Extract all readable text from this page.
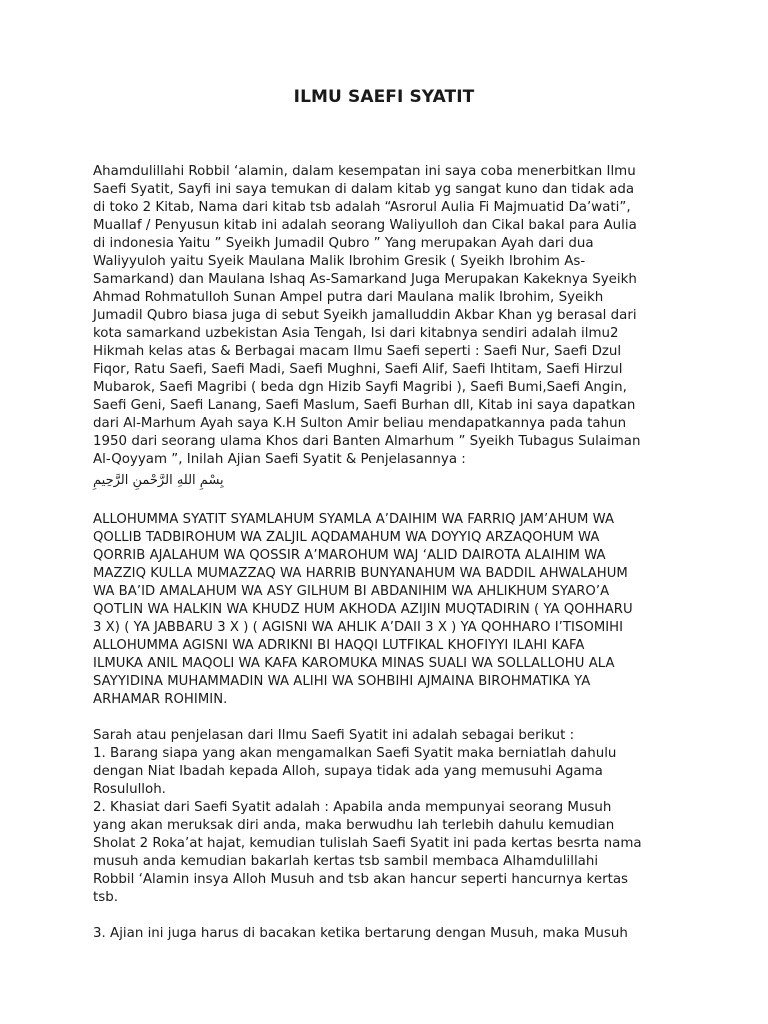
ILMU SAEFI SYATIT

Ahamdulillahi Robbil ‘alamin, dalam kesempatan ini saya coba menerbitkan Ilmu
Saefi Syatit, Sayfi ini saya temukan di dalam kitab yg sangat kuno dan tidak ada
di toko 2 Kitab, Nama dari kitab tsb adalah “Asrorul Aulia Fi Majmuatid Da’wati”,
Muallaf / Penyusun kitab ini adalah seorang Waliyulloh dan Cikal bakal para Aulia
di indonesia Yaitu ” Syeikh Jumadil Qubro ” Yang merupakan Ayah dari dua
Waliyyuloh yaitu Syeik Maulana Malik Ibrohim Gresik ( Syeikh Ibrohim As-
Samarkand) dan Maulana Ishaq As-Samarkand Juga Merupakan Kakeknya Syeikh
Ahmad Rohmatulloh Sunan Ampel putra dari Maulana malik Ibrohim, Syeikh
Jumadil Qubro biasa juga di sebut Syeikh jamalluddin Akbar Khan yg berasal dari
kota samarkand uzbekistan Asia Tengah, Isi dari kitabnya sendiri adalah ilmu2
Hikmah kelas atas & Berbagai macam Ilmu Saefi seperti : Saefi Nur, Saefi Dzul
Fiqor, Ratu Saefi, Saefi Madi, Saefi Mughni, Saefi Alif, Saefi Ihtitam, Saefi Hirzul
Mubarok, Saefi Magribi ( beda dgn Hizib Sayfi Magribi ), Saefi Bumi,Saefi Angin,
Saefi Geni, Saefi Lanang, Saefi Maslum, Saefi Burhan dll, Kitab ini saya dapatkan
dari Al-Marhum Ayah saya K.H Sulton Amir beliau mendapatkannya pada tahun
1950 dari seorang ulama Khos dari Banten Almarhum ” Syeikh Tubagus Sulaiman
Al-Qoyyam ”, Inilah Ajian Saefi Syatit & Penjelasannya :

بِسْمِ اللهِ الرَّحْمنِ الرَّحِيمِ

ALLOHUMMA SYATIT SYAMLAHUM SYAMLA A’DAIHIM WA FARRIQ JAM’AHUM WA
QOLLIB TADBIROHUM WA ZALJIL AQDAMAHUM WA DOYYIQ ARZAQOHUM WA
QORRIB AJALAHUM WA QOSSIR A’MAROHUM WAJ ‘ALID DAIROTA ALAIHIM WA
MAZZIQ KULLA MUMAZZAQ WA HARRIB BUNYANAHUM WA BADDIL AHWALAHUM
WA BA’ID AMALAHUM WA ASY GILHUM BI ABDANIHIM WA AHLIKHUM SYARO’A
QOTLIN WA HALKIN WA KHUDZ HUM AKHODA AZIJIN MUQTADIRIN ( YA QOHHARU
3 X) ( YA JABBARU 3 X ) ( AGISNI WA AHLIK A’DAII 3 X ) YA QOHHARO I’TISOMIHI
ALLOHUMMA AGISNI WA ADRIKNI BI HAQQI LUTFIKAL KHOFIYYI ILAHI KAFA
ILMUKA ANIL MAQOLI WA KAFA KAROMUKA MINAS SUALI WA SOLLALLOHU ALA
SAYYIDINA MUHAMMADIN WA ALIHI WA SOHBIHI AJMAINA BIROHMATIKA YA
ARHAMAR ROHIMIN.

Sarah atau penjelasan dari Ilmu Saefi Syatit ini adalah sebagai berikut :
1. Barang siapa yang akan mengamalkan Saefi Syatit maka berniatlah dahulu
dengan Niat Ibadah kepada Alloh, supaya tidak ada yang memusuhi Agama
Rosululloh.
2. Khasiat dari Saefi Syatit adalah : Apabila anda mempunyai seorang Musuh
yang akan meruksak diri anda, maka berwudhu lah terlebih dahulu kemudian
Sholat 2 Roka’at hajat, kemudian tulislah Saefi Syatit ini pada kertas besrta nama
musuh anda kemudian bakarlah kertas tsb sambil membaca Alhamdulillahi
Robbil ‘Alamin insya Alloh Musuh and tsb akan hancur seperti hancurnya kertas
tsb.

3. Ajian ini juga harus di bacakan ketika bertarung dengan Musuh, maka Musuh
